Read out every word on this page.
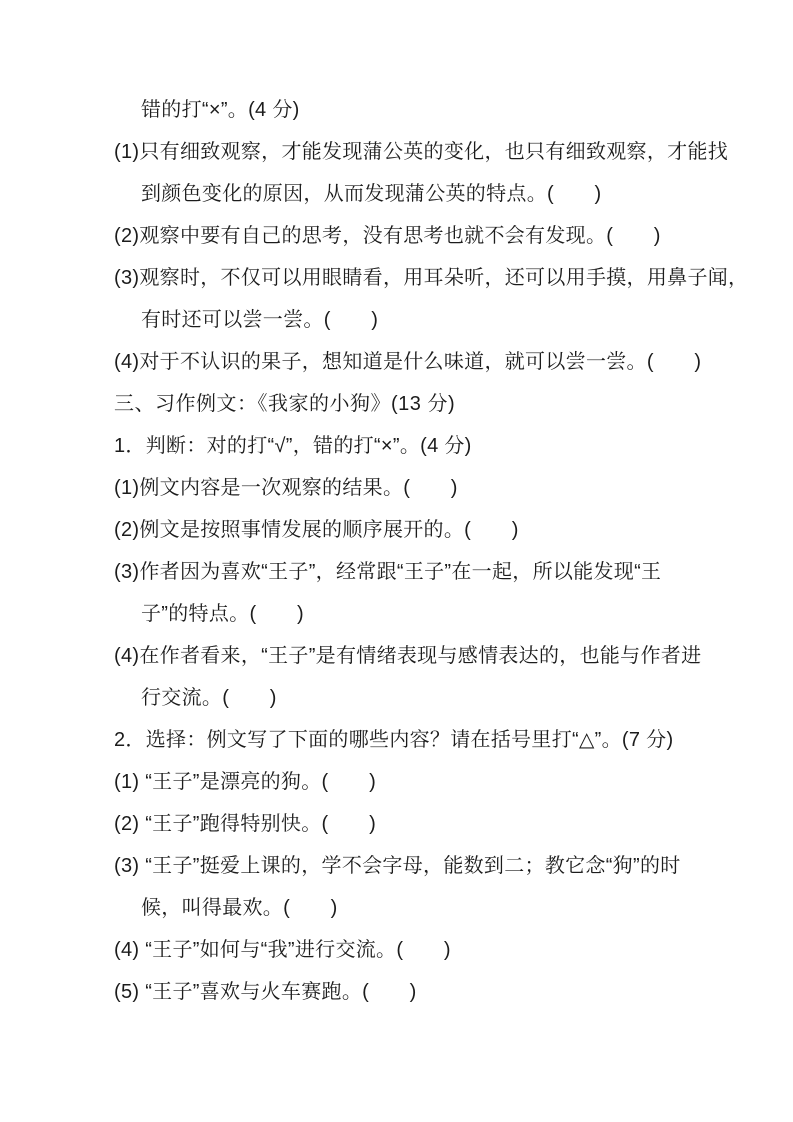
错的打“×”。(4 分)
(1)只有细致观察，才能发现蒲公英的变化，也只有细致观察，才能找
到颜色变化的原因，从而发现蒲公英的特点。(　　)
(2)观察中要有自己的思考，没有思考也就不会有发现。(　　)
(3)观察时，不仅可以用眼睛看，用耳朵听，还可以用手摸，用鼻子闻，
有时还可以尝一尝。(　　)
(4)对于不认识的果子，想知道是什么味道，就可以尝一尝。(　　)
三、习作例文：《我家的小狗》(13 分)
1．判断：对的打“√”，错的打“×”。(4 分)
(1)例文内容是一次观察的结果。(　　)
(2)例文是按照事情发展的顺序展开的。(　　)
(3)作者因为喜欢“王子”，经常跟“王子”在一起，所以能发现“王
子”的特点。(　　)
(4)在作者看来，“王子”是有情绪表现与感情表达的，也能与作者进
行交流。(　　)
2．选择：例文写了下面的哪些内容？请在括号里打“△”。(7 分)
(1) “王子”是漂亮的狗。(　　)
(2) “王子”跑得特别快。(　　)
(3) “王子”挺爱上课的，学不会字母，能数到二；教它念“狗”的时
候，叫得最欢。(　　)
(4) “王子”如何与“我”进行交流。(　　)
(5) “王子”喜欢与火车赛跑。(　　)
